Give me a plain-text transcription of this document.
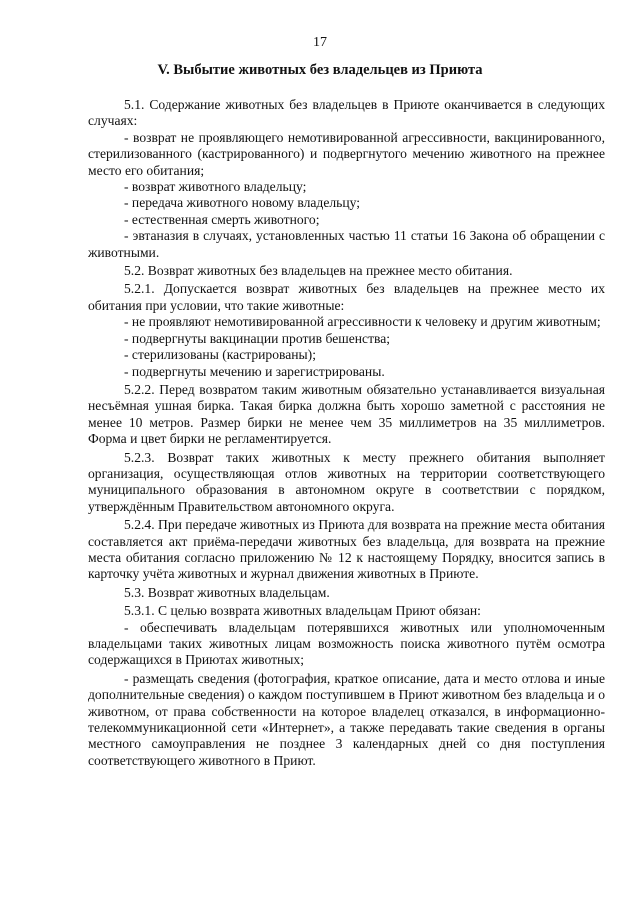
17
V. Выбытие животных без владельцев из Приюта

5.1. Содержание животных без владельцев в Приюте оканчивается в следующих случаях:

- возврат не проявляющего немотивированной агрессивности, вакцинированного, стерилизованного (кастрированного) и подвергнутого мечению животного на прежнее место его обитания;

- возврат животного владельцу;

- передача животного новому владельцу;

- естественная смерть животного;

- эвтаназия в случаях, установленных частью 11 статьи 16 Закона об обращении с животными.

5.2. Возврат животных без владельцев на прежнее место обитания.

5.2.1. Допускается возврат животных без владельцев на прежнее место их обитания при условии, что такие животные:

- не проявляют немотивированной агрессивности к человеку и другим животным;

- подвергнуты вакцинации против бешенства;

- стерилизованы (кастрированы);

- подвергнуты мечению и зарегистрированы.

5.2.2. Перед возвратом таким животным обязательно устанавливается визуальная несъёмная ушная бирка. Такая бирка должна быть хорошо заметной с расстояния не менее 10 метров. Размер бирки не менее чем 35 миллиметров на 35 миллиметров. Форма и цвет бирки не регламентируется.

5.2.3. Возврат таких животных к месту прежнего обитания выполняет организация, осуществляющая отлов животных на территории соответствующего муниципального образования в автономном округе в соответствии с порядком, утверждённым Правительством автономного округа.

5.2.4. При передаче животных из Приюта для возврата на прежние места обитания составляется акт приёма-передачи животных без владельца, для возврата на прежние места обитания согласно приложению № 12 к настоящему Порядку, вносится запись в карточку учёта животных и журнал движения животных в Приюте.

5.3. Возврат животных владельцам.

5.3.1. С целью возврата животных владельцам Приют обязан:

- обеспечивать владельцам потерявшихся животных или уполномоченным владельцами таких животных лицам возможность поиска животного путём осмотра содержащихся в Приютах животных;

- размещать сведения (фотография, краткое описание, дата и место отлова и иные дополнительные сведения) о каждом поступившем в Приют животном без владельца и о животном, от права собственности на которое владелец отказался, в информационно-телекоммуникационной сети «Интернет», а также передавать такие сведения в органы местного самоуправления не позднее 3 календарных дней со дня поступления соответствующего животного в Приют.
